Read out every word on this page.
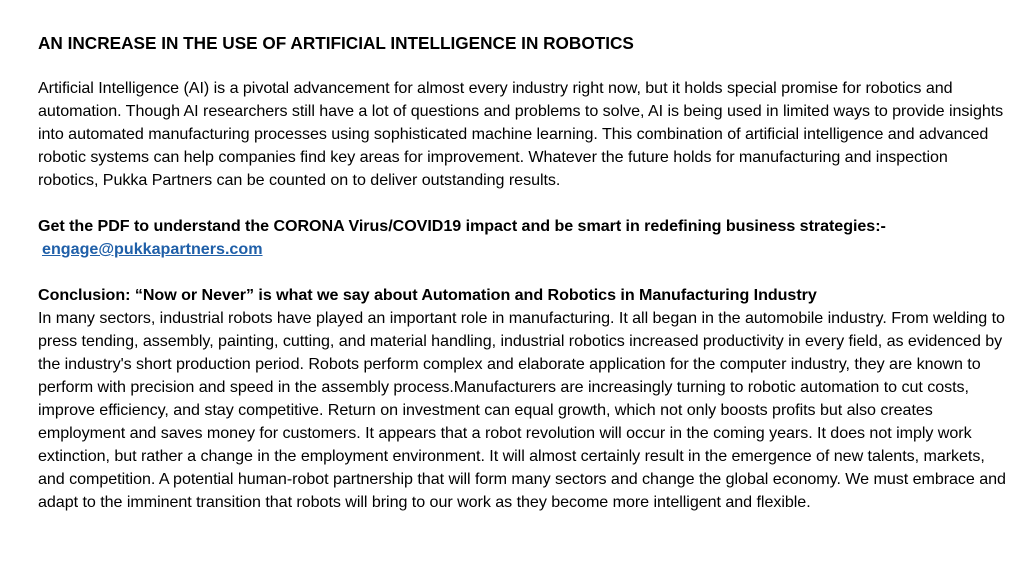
AN INCREASE IN THE USE OF ARTIFICIAL INTELLIGENCE IN ROBOTICS

Artificial Intelligence (AI) is a pivotal advancement for almost every industry right now, but it holds special promise for robotics and automation. Though AI researchers still have a lot of questions and problems to solve, AI is being used in limited ways to provide insights into automated manufacturing processes using sophisticated machine learning. This combination of artificial intelligence and advanced robotic systems can help companies find key areas for improvement. Whatever the future holds for manufacturing and inspection robotics, Pukka Partners can be counted on to deliver outstanding results.

Get the PDF to understand the CORONA Virus/COVID19 impact and be smart in redefining business strategies:-

engage@pukkapartners.com

Conclusion: “Now or Never” is what we say about Automation and Robotics in Manufacturing Industry

In many sectors, industrial robots have played an important role in manufacturing. It all began in the automobile industry. From welding to press tending, assembly, painting, cutting, and material handling, industrial robotics increased productivity in every field, as evidenced by the industry's short production period. Robots perform complex and elaborate application for the computer industry, they are known to perform with precision and speed in the assembly process.Manufacturers are increasingly turning to robotic automation to cut costs, improve efficiency, and stay competitive. Return on investment can equal growth, which not only boosts profits but also creates employment and saves money for customers. It appears that a robot revolution will occur in the coming years. It does not imply work extinction, but rather a change in the employment environment. It will almost certainly result in the emergence of new talents, markets, and competition. A potential human-robot partnership that will form many sectors and change the global economy. We must embrace and adapt to the imminent transition that robots will bring to our work as they become more intelligent and flexible.
